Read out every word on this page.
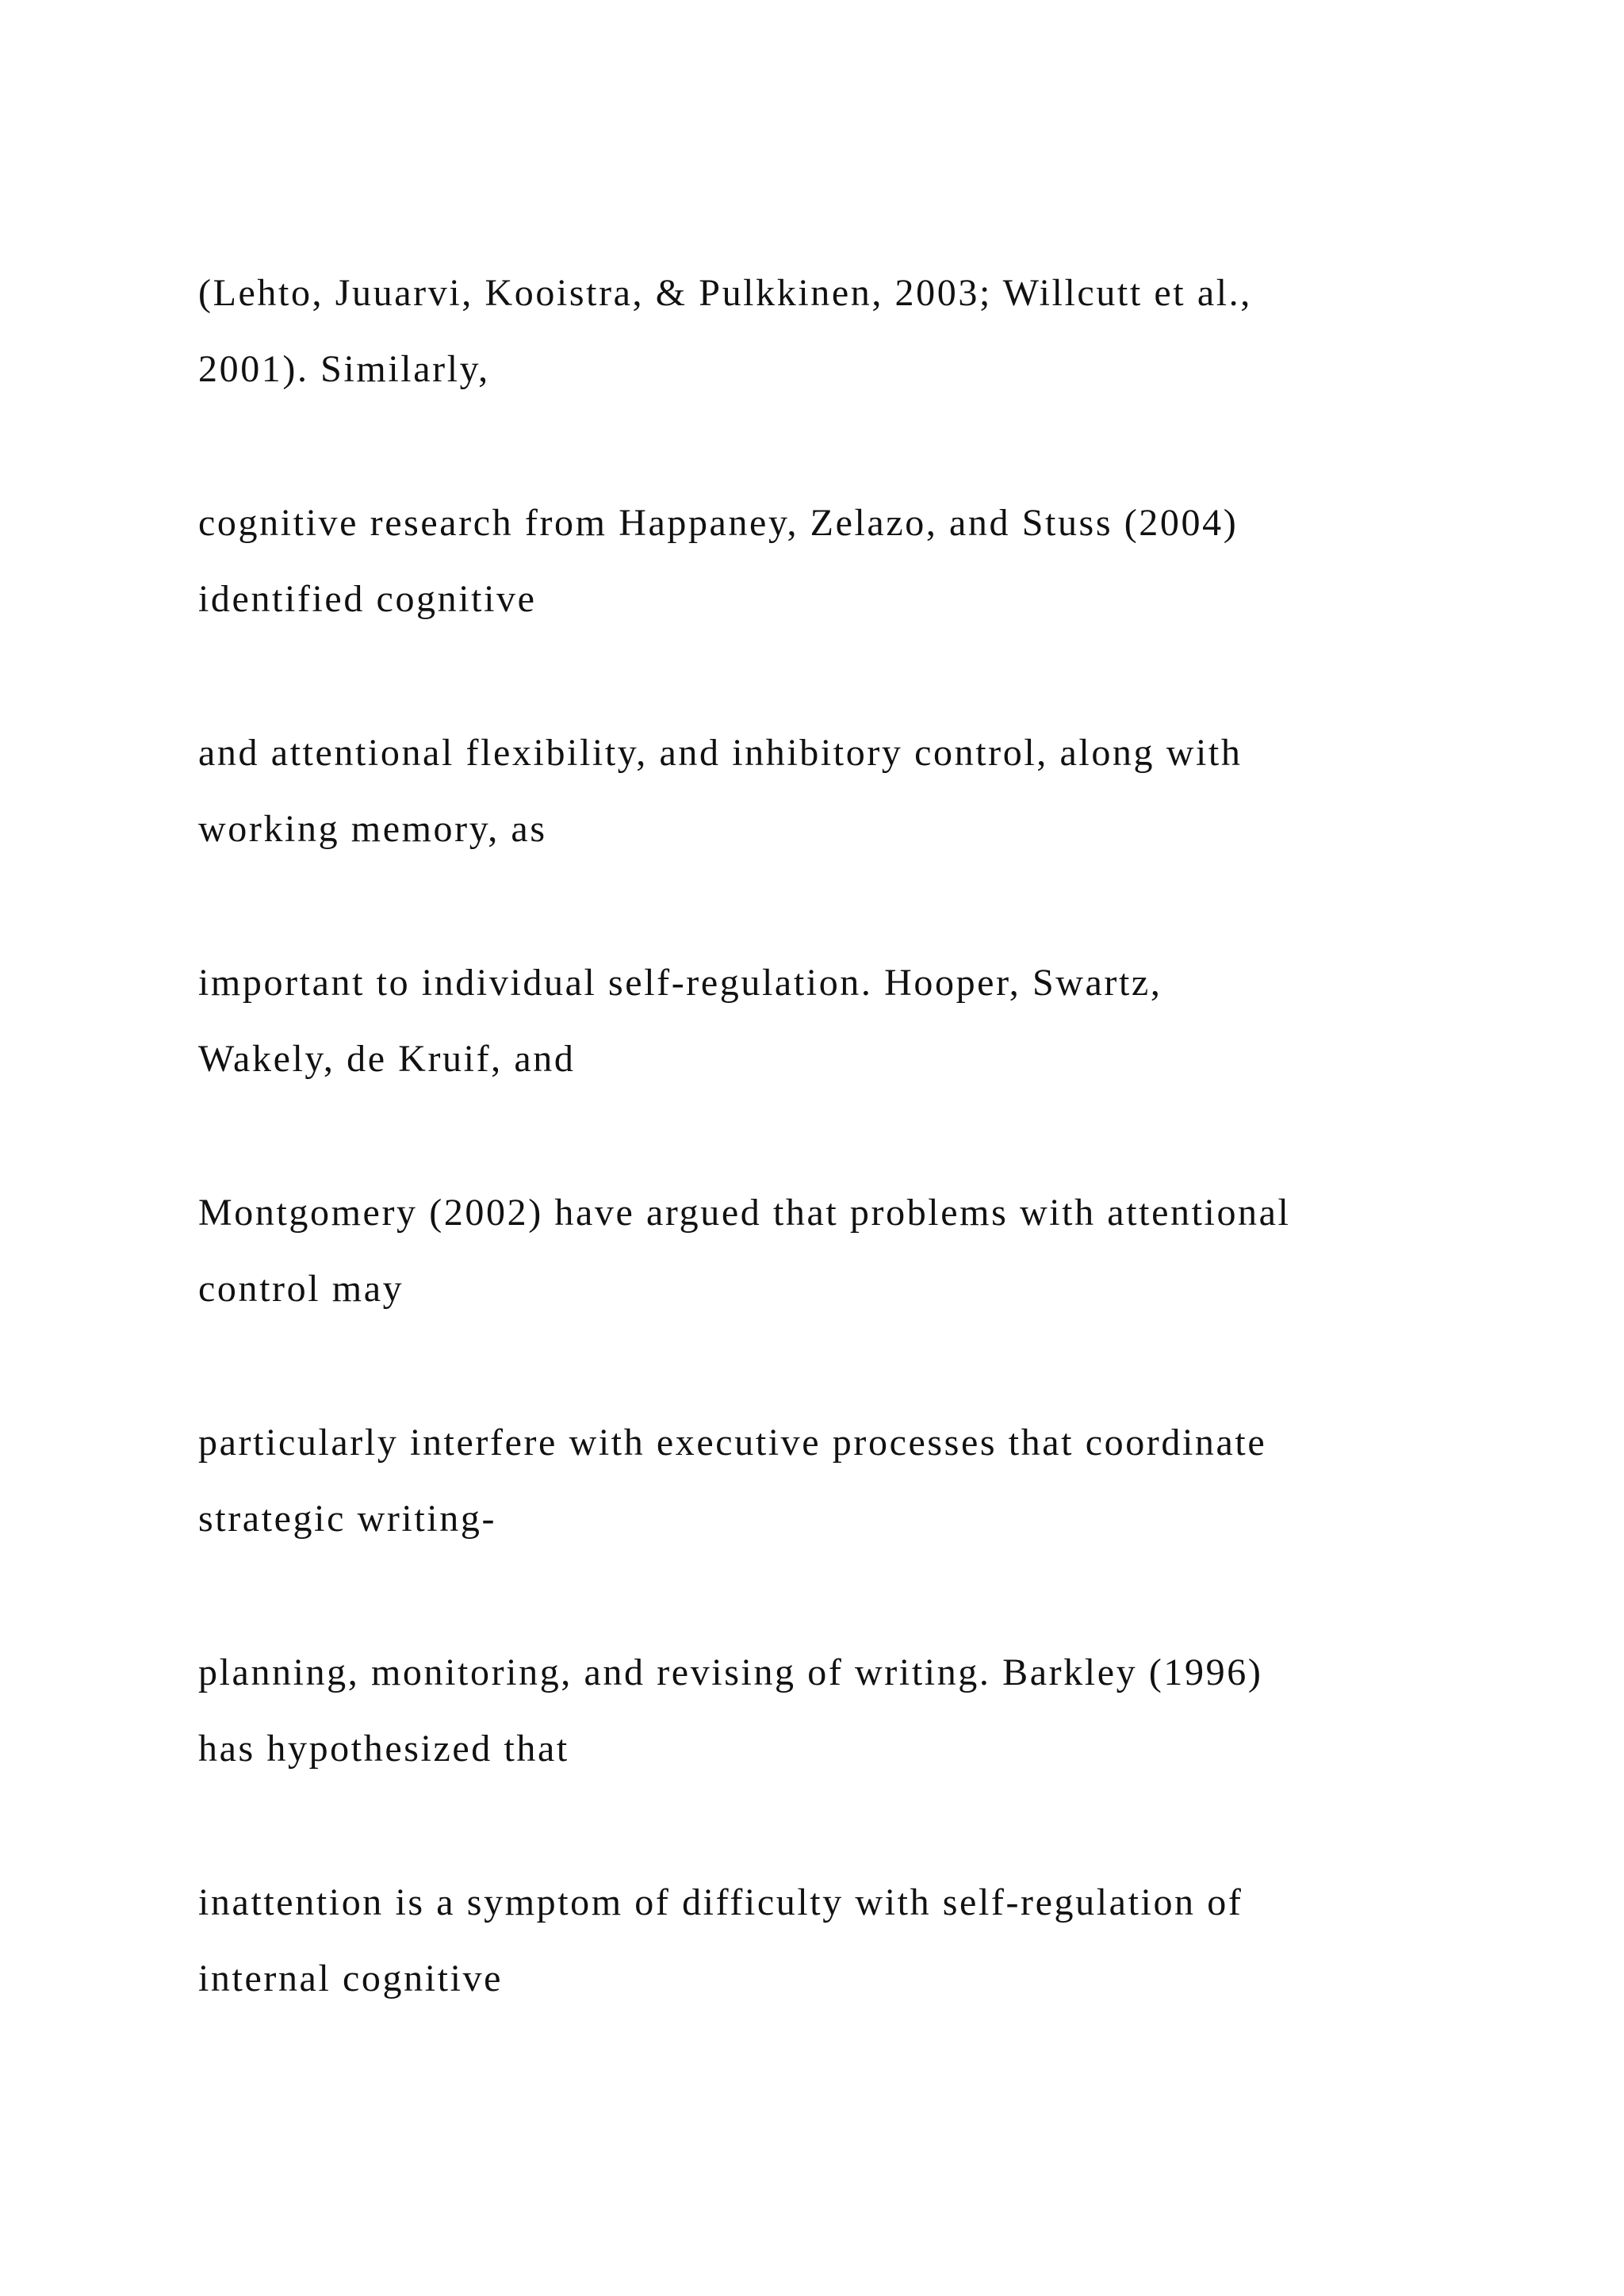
(Lehto, Juuarvi, Kooistra, & Pulkkinen, 2003; Willcutt et al.,
2001). Similarly,

cognitive research from Happaney, Zelazo, and Stuss (2004)
identified cognitive

and attentional flexibility, and inhibitory control, along with
working memory, as

important to individual self-regulation. Hooper, Swartz,
Wakely, de Kruif, and

Montgomery (2002) have argued that problems with attentional
control may

particularly interfere with executive processes that coordinate
strategic writing-

planning, monitoring, and revising of writing. Barkley (1996)
has hypothesized that

inattention is a symptom of difficulty with self-regulation of
internal cognitive
